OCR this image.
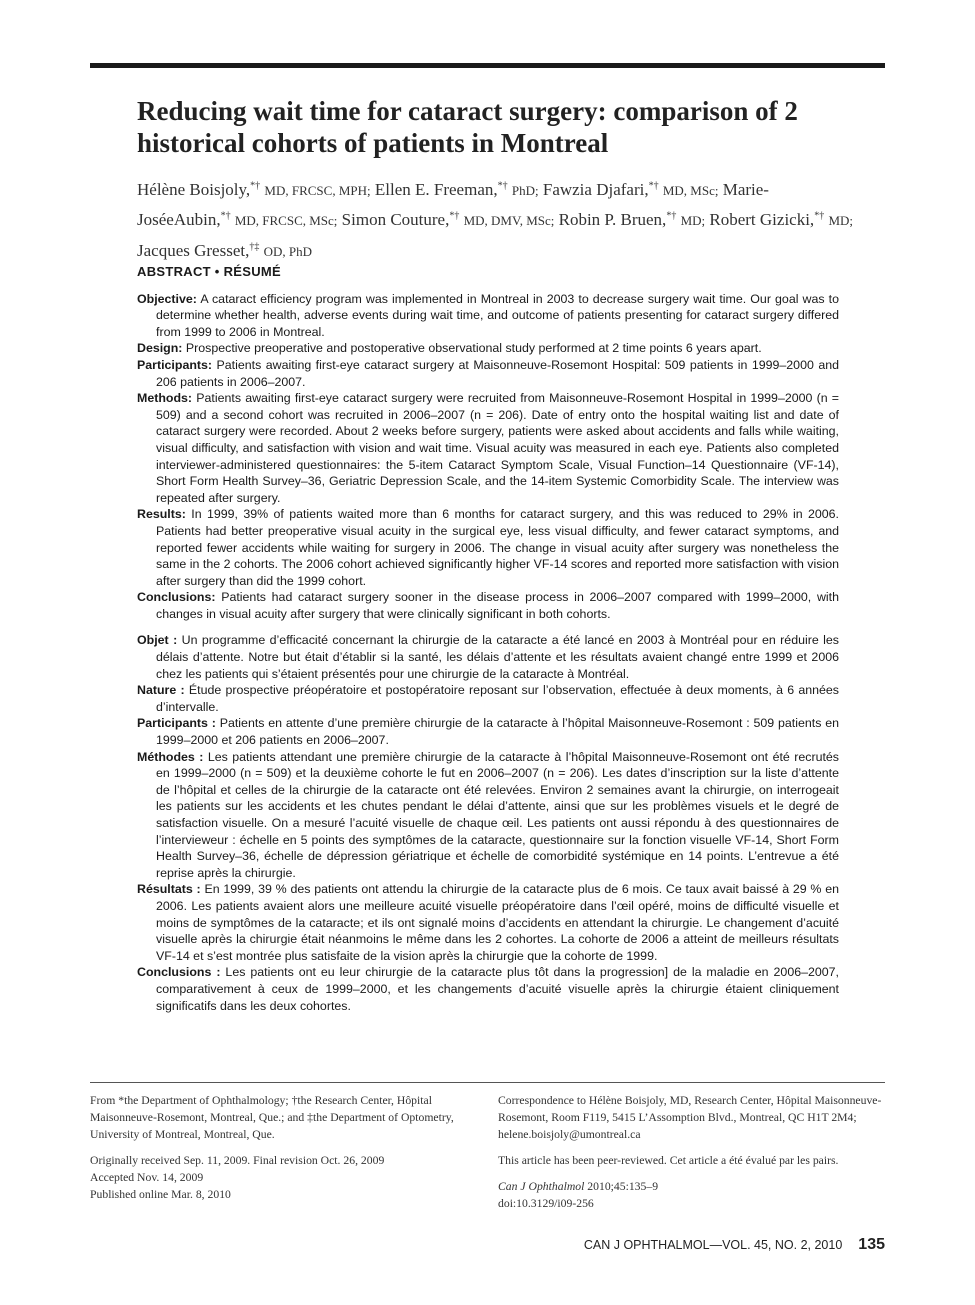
Reducing wait time for cataract surgery: comparison of 2 historical cohorts of patients in Montreal
Hélène Boisjoly,*† MD, FRCSC, MPH; Ellen E. Freeman,*† PhD; Fawzia Djafari,*† MD, MSc; Marie-JoséeAubin,*† MD, FRCSC, MSc; Simon Couture,*† MD, DMV, MSc; Robin P. Bruen,*† MD; Robert Gizicki,*† MD; Jacques Gresset,†‡ OD, PhD
ABSTRACT • RÉSUMÉ

Objective: A cataract efficiency program was implemented in Montreal in 2003 to decrease surgery wait time. Our goal was to determine whether health, adverse events during wait time, and outcome of patients presenting for cataract surgery differed from 1999 to 2006 in Montreal.

Design: Prospective preoperative and postoperative observational study performed at 2 time points 6 years apart.

Participants: Patients awaiting first-eye cataract surgery at Maisonneuve-Rosemont Hospital: 509 patients in 1999–2000 and 206 patients in 2006–2007.

Methods: Patients awaiting first-eye cataract surgery were recruited from Maisonneuve-Rosemont Hospital in 1999–2000 (n = 509) and a second cohort was recruited in 2006–2007 (n = 206). Date of entry onto the hospital waiting list and date of cataract surgery were recorded. About 2 weeks before surgery, patients were asked about accidents and falls while waiting, visual difficulty, and satisfaction with vision and wait time. Visual acuity was measured in each eye. Patients also completed interviewer-administered questionnaires: the 5-item Cataract Symptom Scale, Visual Function–14 Questionnaire (VF-14), Short Form Health Survey–36, Geriatric Depression Scale, and the 14-item Systemic Comorbidity Scale. The interview was repeated after surgery.

Results: In 1999, 39% of patients waited more than 6 months for cataract surgery, and this was reduced to 29% in 2006. Patients had better preoperative visual acuity in the surgical eye, less visual difficulty, and fewer cataract symptoms, and reported fewer accidents while waiting for surgery in 2006. The change in visual acuity after surgery was nonetheless the same in the 2 cohorts. The 2006 cohort achieved significantly higher VF-14 scores and reported more satisfaction with vision after surgery than did the 1999 cohort.

Conclusions: Patients had cataract surgery sooner in the disease process in 2006–2007 compared with 1999–2000, with changes in visual acuity after surgery that were clinically significant in both cohorts.

Objet : Un programme d’efficacité concernant la chirurgie de la cataracte a été lancé en 2003 à Montréal pour en réduire les délais d’attente. Notre but était d’établir si la santé, les délais d’attente et les résultats avaient changé entre 1999 et 2006 chez les patients qui s’étaient présentés pour une chirurgie de la cataracte à Montréal.

Nature : Étude prospective préopératoire et postopératoire reposant sur l’observation, effectuée à deux moments, à 6 années d’intervalle.

Participants : Patients en attente d’une première chirurgie de la cataracte à l’hôpital Maisonneuve-Rosemont : 509 patients en 1999–2000 et 206 patients en 2006–2007.

Méthodes : Les patients attendant une première chirurgie de la cataracte à l’hôpital Maisonneuve-Rosemont ont été recrutés en 1999–2000 (n = 509) et la deuxième cohorte le fut en 2006–2007 (n = 206). Les dates d’inscription sur la liste d’attente de l’hôpital et celles de la chirurgie de la cataracte ont été relevées. Environ 2 semaines avant la chirurgie, on interrogeait les patients sur les accidents et les chutes pendant le délai d’attente, ainsi que sur les problèmes visuels et le degré de satisfaction visuelle. On a mesuré l’acuité visuelle de chaque œil. Les patients ont aussi répondu à des questionnaires de l’intervieweur : échelle en 5 points des symptômes de la cataracte, questionnaire sur la fonction visuelle VF-14, Short Form Health Survey–36, échelle de dépression gériatrique et échelle de comorbidité systémique en 14 points. L’entrevue a été reprise après la chirurgie.

Résultats : En 1999, 39 % des patients ont attendu la chirurgie de la cataracte plus de 6 mois. Ce taux avait baissé à 29 % en 2006. Les patients avaient alors une meilleure acuité visuelle préopératoire dans l’œil opéré, moins de difficulté visuelle et moins de symptômes de la cataracte; et ils ont signalé moins d’accidents en attendant la chirurgie. Le changement d’acuité visuelle après la chirurgie était néanmoins le même dans les 2 cohortes. La cohorte de 2006 a atteint de meilleurs résultats VF-14 et s’est montrée plus satisfaite de la vision après la chirurgie que la cohorte de 1999.

Conclusions : Les patients ont eu leur chirurgie de la cataracte plus tôt dans la progression] de la maladie en 2006–2007, comparativement à ceux de 1999–2000, et les changements d’acuité visuelle après la chirurgie étaient cliniquement significatifs dans les deux cohortes.

From *the Department of Ophthalmology; †the Research Center, Hôpital Maisonneuve-Rosemont, Montreal, Que.; and ‡the Department of Optometry, University of Montreal, Montreal, Que.

Originally received Sep. 11, 2009. Final revision Oct. 26, 2009

Accepted Nov. 14, 2009

Published online Mar. 8, 2010

Correspondence to Hélène Boisjoly, MD, Research Center, Hôpital Maisonneuve-Rosemont, Room F119, 5415 L’Assomption Blvd., Montreal, QC H1T 2M4; helene.boisjoly@umontreal.ca

This article has been peer-reviewed. Cet article a été évalué par les pairs.

Can J Ophthalmol 2010;45:135–9

doi:10.3129/i09-256

CAN J OPHTHALMOL—VOL. 45, NO. 2, 2010 135
